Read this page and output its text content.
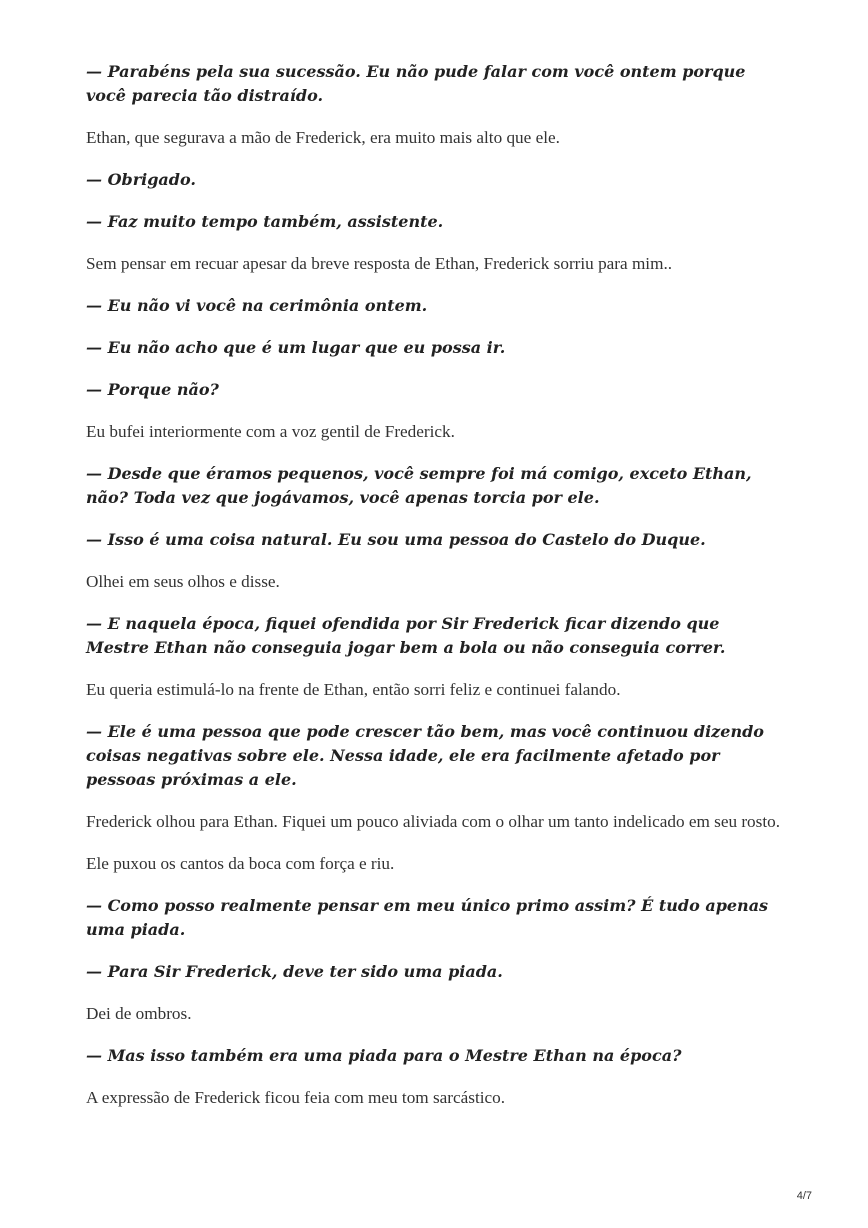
— Parabéns pela sua sucessão. Eu não pude falar com você ontem porque você parecia tão distraído.

Ethan, que segurava a mão de Frederick, era muito mais alto que ele.

— Obrigado.

— Faz muito tempo também, assistente.

Sem pensar em recuar apesar da breve resposta de Ethan, Frederick sorriu para mim..

— Eu não vi você na cerimônia ontem.

— Eu não acho que é um lugar que eu possa ir.

— Porque não?

Eu bufei interiormente com a voz gentil de Frederick.

— Desde que éramos pequenos, você sempre foi má comigo, exceto Ethan, não? Toda vez que jogávamos, você apenas torcia por ele.

— Isso é uma coisa natural. Eu sou uma pessoa do Castelo do Duque.

Olhei em seus olhos e disse.

— E naquela época, fiquei ofendida por Sir Frederick ficar dizendo que Mestre Ethan não conseguia jogar bem a bola ou não conseguia correr.

Eu queria estimulá-lo na frente de Ethan, então sorri feliz e continuei falando.

— Ele é uma pessoa que pode crescer tão bem, mas você continuou dizendo coisas negativas sobre ele. Nessa idade, ele era facilmente afetado por pessoas próximas a ele.

Frederick olhou para Ethan. Fiquei um pouco aliviada com o olhar um tanto indelicado em seu rosto.

Ele puxou os cantos da boca com força e riu.

— Como posso realmente pensar em meu único primo assim? É tudo apenas uma piada.

— Para Sir Frederick, deve ter sido uma piada.

Dei de ombros.

— Mas isso também era uma piada para o Mestre Ethan na época?

A expressão de Frederick ficou feia com meu tom sarcástico.

4/7
